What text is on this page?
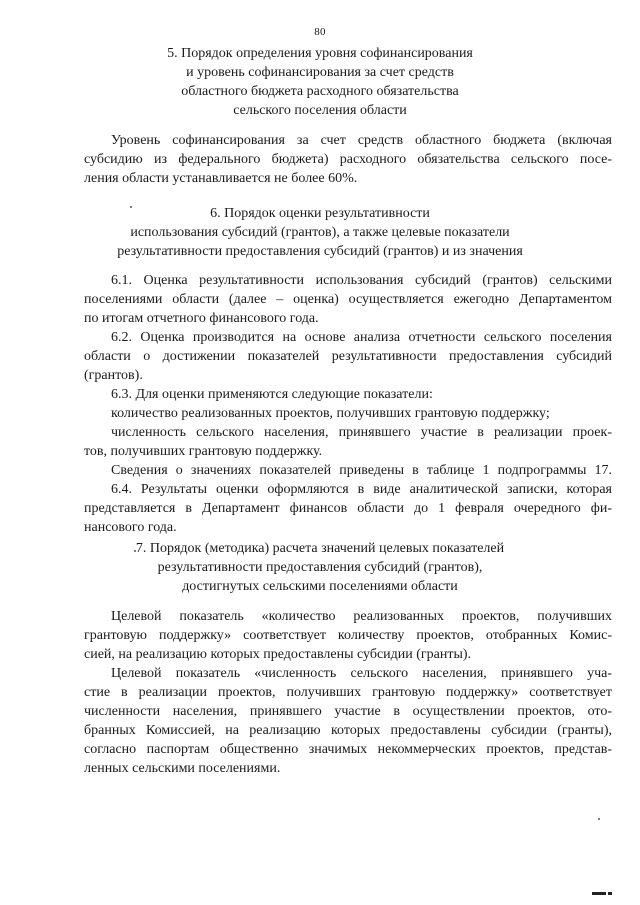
80
5. Порядок определения уровня софинансирования
и уровень софинансирования за счет средств
областного бюджета расходного обязательства
сельского поселения области
Уровень софинансирования за счет средств областного бюджета (включая
субсидию из федерального бюджета) расходного обязательства сельского посе-
ления области устанавливается не более 60%.
6. Порядок оценки результативности
использования субсидий (грантов), а также целевые показатели
результативности предоставления субсидий (грантов) и из значения
6.1. Оценка результативности использования субсидий (грантов) сельскими
поселениями области (далее – оценка) осуществляется ежегодно Департаментом
по итогам отчетного финансового года.
6.2. Оценка производится на основе анализа отчетности сельского поселения
области о достижении показателей результативности предоставления субсидий
(грантов).
6.3. Для оценки применяются следующие показатели:
количество реализованных проектов, получивших грантовую поддержку;
численность сельского населения, принявшего участие в реализации проек-
тов, получивших грантовую поддержку.
Сведения о значениях показателей приведены в таблице 1 подпрограммы 17.
6.4. Результаты оценки оформляются в виде аналитической записки, которая
представляется в Департамент финансов области до 1 февраля очередного фи-
нансового года.
7. Порядок (методика) расчета значений целевых показателей
результативности предоставления субсидий (грантов),
достигнутых сельскими поселениями области
Целевой показатель «количество реализованных проектов, получивших
грантовую поддержку» соответствует количеству проектов, отобранных Комис-
сией, на реализацию которых предоставлены субсидии (гранты).
Целевой показатель «численность сельского населения, принявшего уча-
стие в реализации проектов, получивших грантовую поддержку» соответствует
численности населения, принявшего участие в осуществлении проектов, ото-
бранных Комиссией, на реализацию которых предоставлены субсидии (гранты),
согласно паспортам общественно значимых некоммерческих проектов, представ-
ленных сельскими поселениями.
